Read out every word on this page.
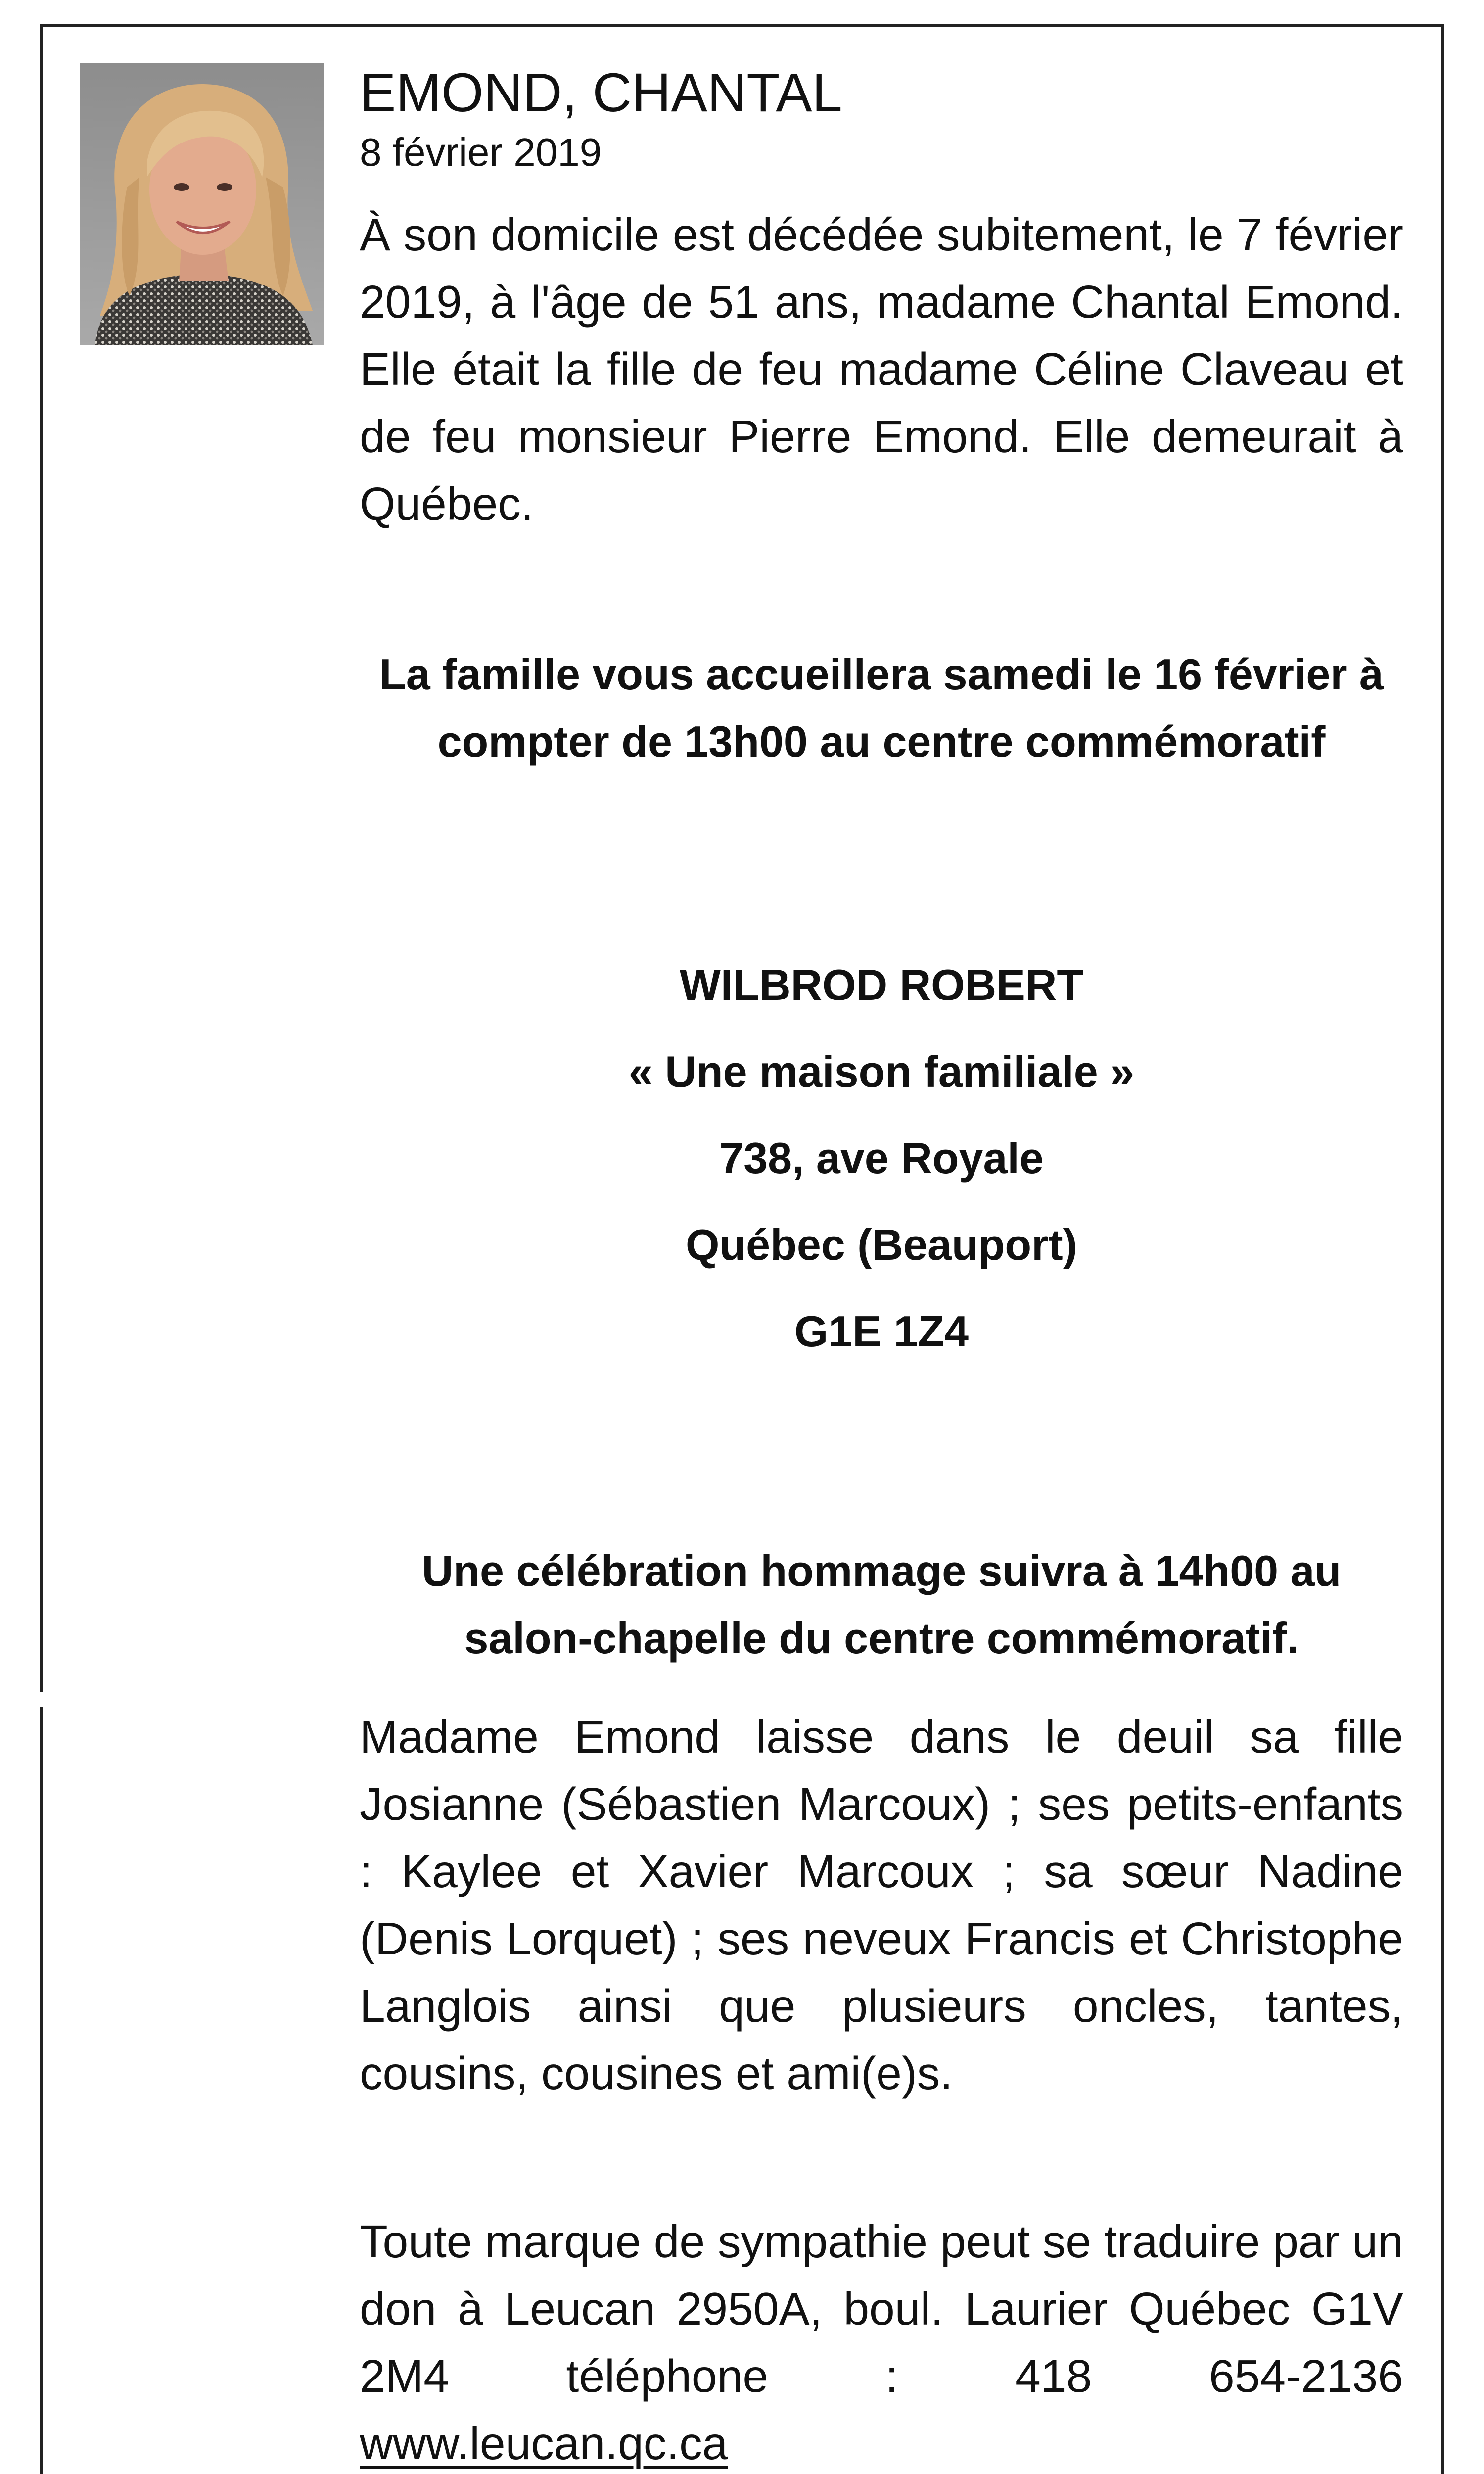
EMOND, CHANTAL
8 février 2019

À son domicile est décédée subitement, le 7 février 2019, à l'âge de 51 ans, madame Chantal Emond. Elle était la fille de feu madame Céline Claveau et de feu monsieur Pierre Emond. Elle demeurait à Québec.

La famille vous accueillera samedi le 16 février à compter de 13h00 au centre commémoratif

WILBROD ROBERT

« Une maison familiale »

738, ave Royale

Québec (Beauport)

G1E 1Z4

Une célébration hommage suivra à 14h00 au salon-chapelle du centre commémoratif.

Madame Emond laisse dans le deuil sa fille Josianne (Sébastien Marcoux) ; ses petits-enfants : Kaylee et Xavier Marcoux ; sa sœur Nadine (Denis Lorquet) ; ses neveux Francis et Christophe Langlois ainsi que plusieurs oncles, tantes, cousins, cousines et ami(e)s.

Toute marque de sympathie peut se traduire par un don à Leucan 2950A, boul. Laurier Québec G1V 2M4 téléphone : 418 654-2136

www.leucan.qc.ca
